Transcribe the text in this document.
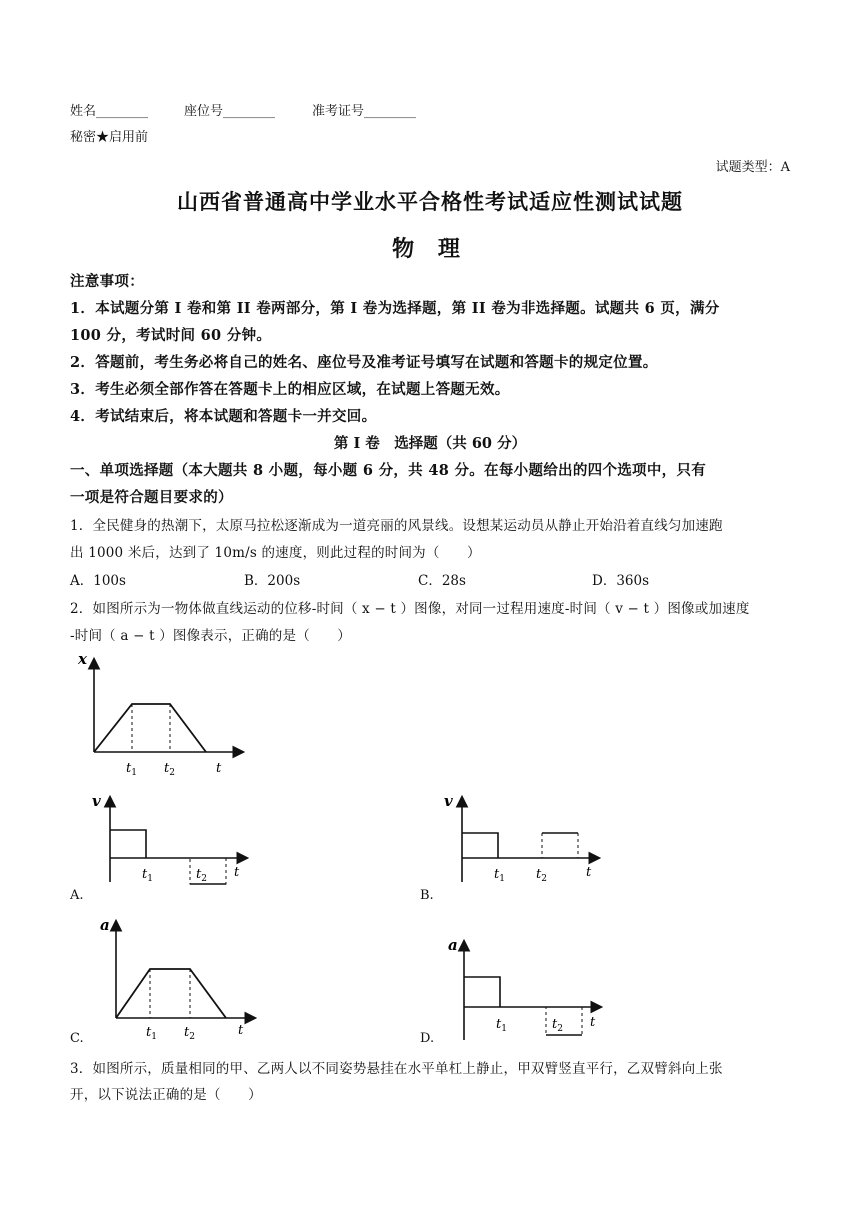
姓名________	座位号________	准考证号________
秘密★启用前
试题类型：A
山西省普通高中学业水平合格性考试适应性测试试题
物 理
注意事项：
1．本试题分第 I 卷和第 II 卷两部分，第 I 卷为选择题，第 II 卷为非选择题。试题共 6 页，满分
100 分，考试时间 60 分钟。
2．答题前，考生务必将自己的姓名、座位号及准考证号填写在试题和答题卡的规定位置。
3．考生必须全部作答在答题卡上的相应区域，在试题上答题无效。
4．考试结束后，将本试题和答题卡一并交回。
第 I 卷　选择题（共 60 分）
一、单项选择题（本大题共 8 小题，每小题 6 分，共 48 分。在每小题给出的四个选项中，只有
一项是符合题目要求的）
1．全民健身的热潮下，太原马拉松逐渐成为一道亮丽的风景线。设想某运动员从静止开始沿着直线匀加速跑
出 1000 米后，达到了 10m/s 的速度，则此过程的时间为（　　）
A．100s	B．200s	C．28s	D．360s
2．如图所示为一物体做直线运动的位移-时间（ x − t ）图像，对同一过程用速度-时间（ v − t ）图像或加速度
-时间（ a − t ）图像表示，正确的是（　　）
x
$t_1$ $t_2$	t
v
$t_1$	$t_2$ t
A.
v
$t_1$ $t_2$	t
B.
a
$t_1$ $t_2$	t
C.
a
$t_1$	$t_2$ t
D.
3．如图所示，质量相同的甲、乙两人以不同姿势悬挂在水平单杠上静止，甲双臂竖直平行，乙双臂斜向上张
开，以下说法正确的是（　　）
